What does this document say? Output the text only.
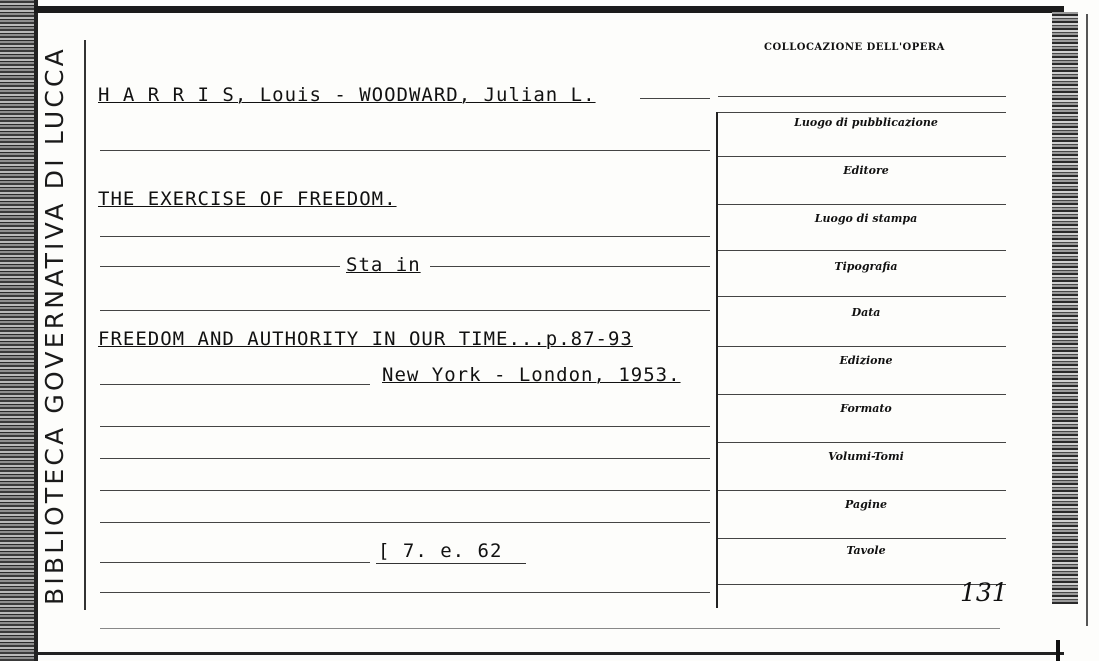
BIBLIOTECA GOVERNATIVA DI LUCCA H A R R I S, Louis - WOODWARD, Julian L.
THE EXERCISE OF FREEDOM.
Sta in
FREEDOM AND AUTHORITY IN OUR TIME...p.87-93
New York - London, 1953.
[ 7. e. 62
COLLOCAZIONE DELL'OPERA
Luogo di pubblicazione
Editore
Luogo di stampa
Tipografia
Data
Edizione
Formato
Volumi-Tomi
Pagine
Tavole
131
